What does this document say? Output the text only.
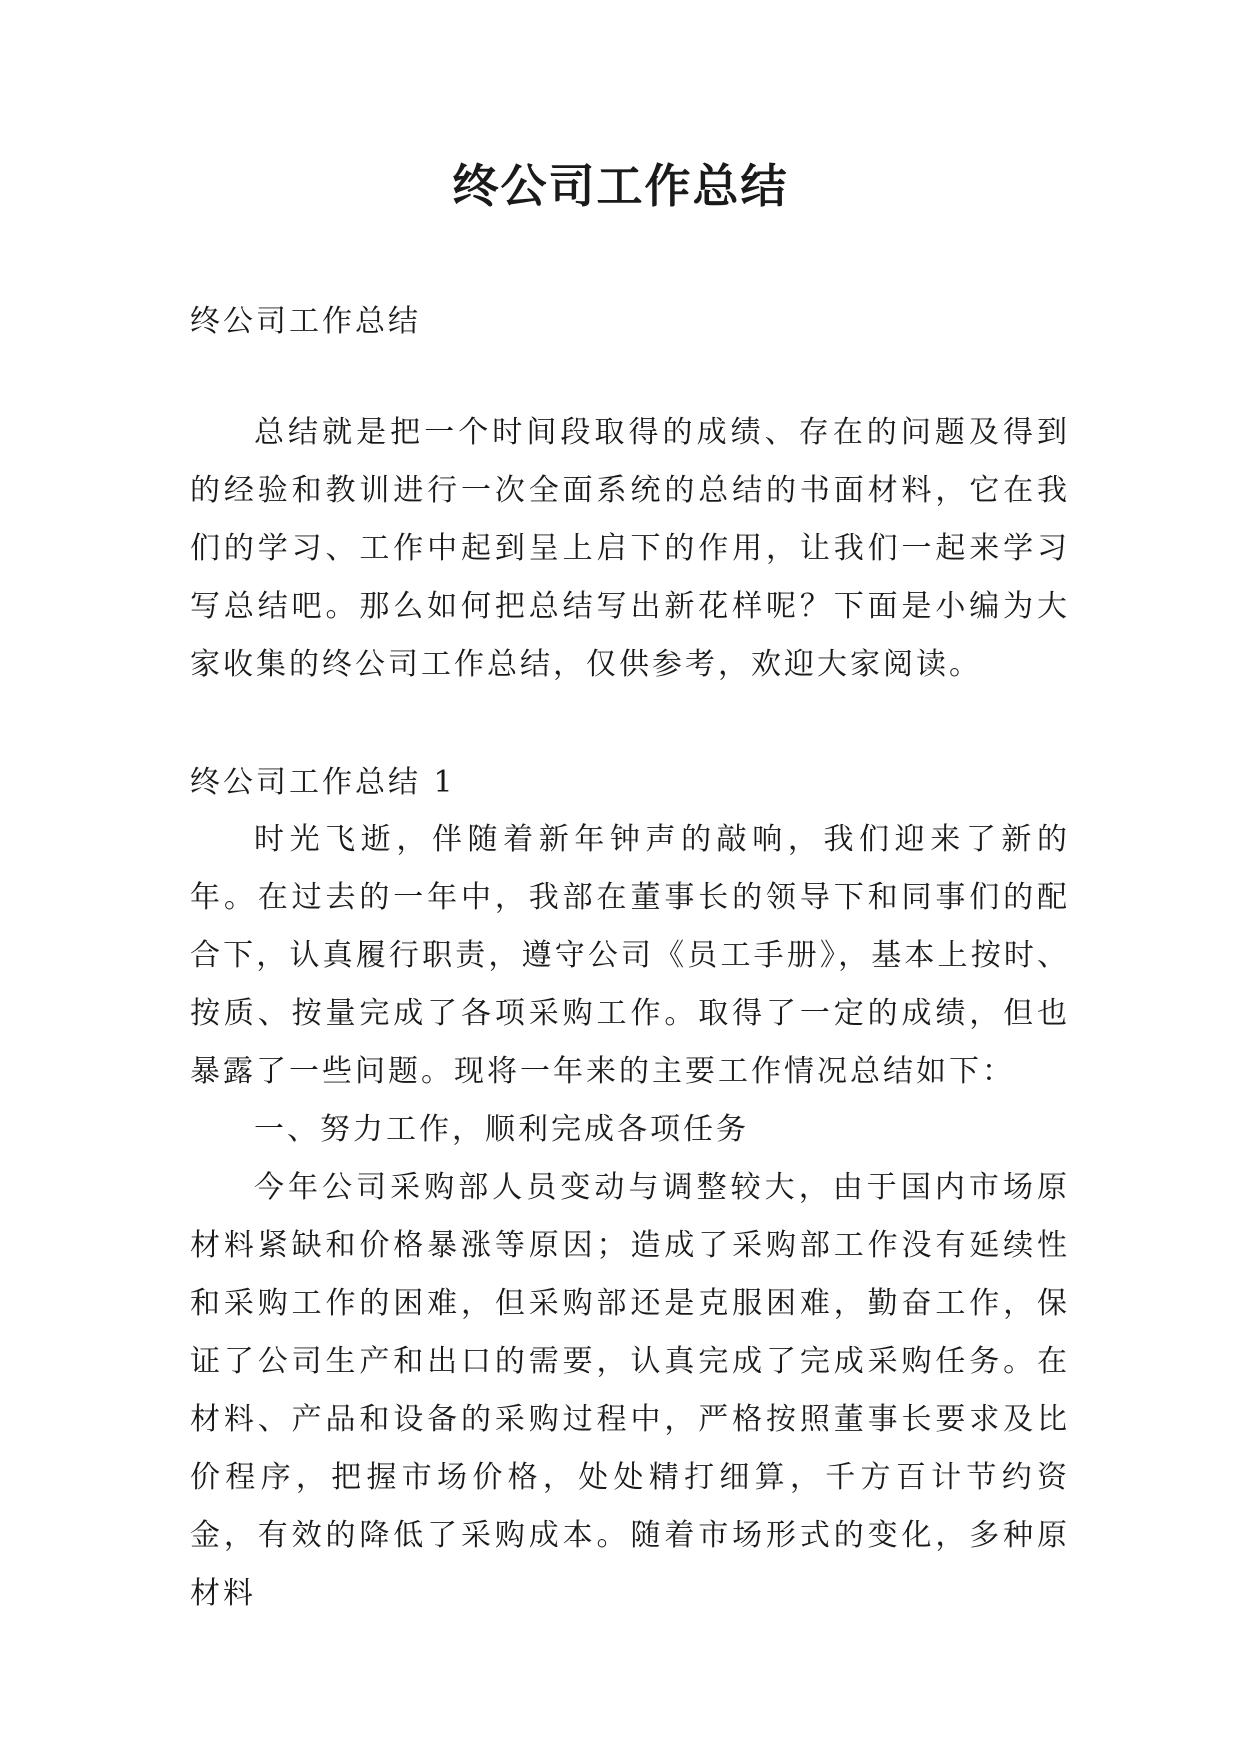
终公司工作总结

终公司工作总结

总结就是把一个时间段取得的成绩、存在的问题及得到的经验和教训进行一次全面系统的总结的书面材料，它在我们的学习、工作中起到呈上启下的作用，让我们一起来学习写总结吧。那么如何把总结写出新花样呢？下面是小编为大家收集的终公司工作总结，仅供参考，欢迎大家阅读。

终公司工作总结 1

时光飞逝，伴随着新年钟声的敲响，我们迎来了新的年。在过去的一年中，我部在董事长的领导下和同事们的配合下，认真履行职责，遵守公司《员工手册》，基本上按时、按质、按量完成了各项采购工作。取得了一定的成绩，但也暴露了一些问题。现将一年来的主要工作情况总结如下：

一、努力工作，顺利完成各项任务

今年公司采购部人员变动与调整较大，由于国内市场原材料紧缺和价格暴涨等原因；造成了采购部工作没有延续性和采购工作的困难，但采购部还是克服困难，勤奋工作，保证了公司生产和出口的需要，认真完成了完成采购任务。在材料、产品和设备的采购过程中，严格按照董事长要求及比价程序，把握市场价格，处处精打细算，千方百计节约资金，有效的降低了采购成本。随着市场形式的变化，多种原材料
